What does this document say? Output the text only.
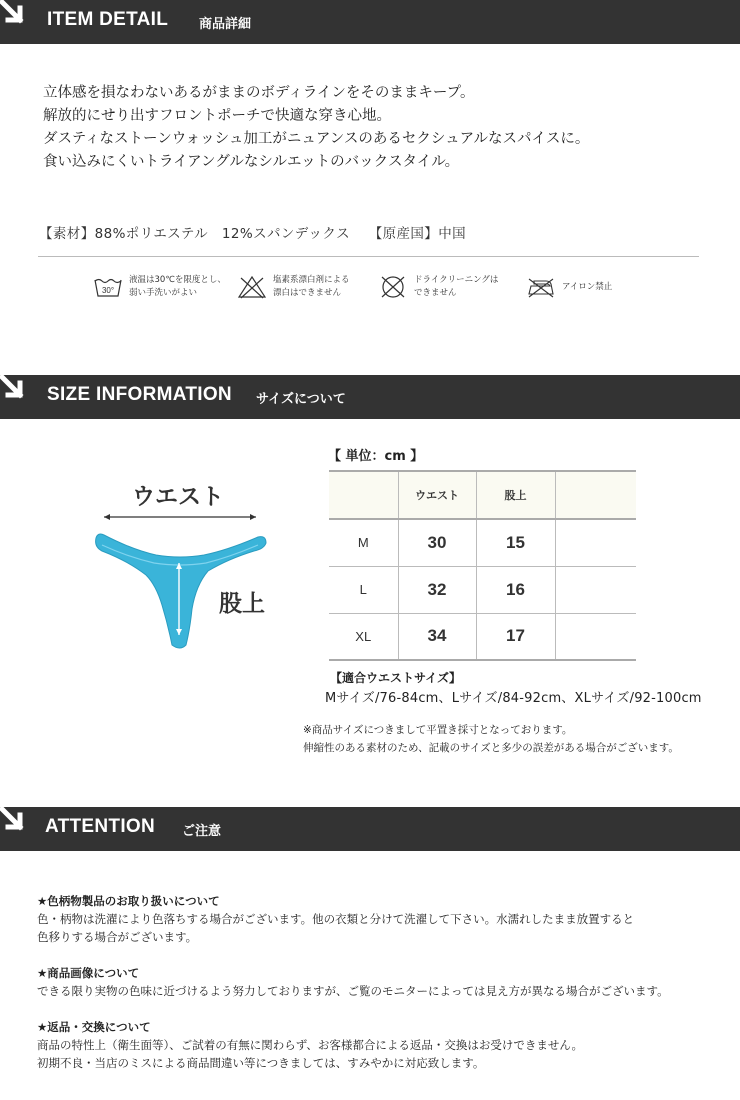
ITEM DETAIL 商品詳細
立体感を損なわないあるがままのボディラインをそのままキープ。
解放的にせり出すフロントポーチで快適な穿き心地。
ダスティなストーンウォッシュ加工がニュアンスのあるセクシュアルなスパイスに。
食い込みにくいトライアングルなシルエットのバックスタイル。
【素材】88%ポリエステル　12%スパンデックス 【原産国】中国
30°
液温は30℃を限度とし、
弱い手洗いがよい
塩素系漂白剤による
漂白はできません
ドライクリーニングは
できません
アイロン禁止
SIZE INFORMATION サイズについて
ウエスト
股上
【 単位：cm 】
	ウエスト	股上	
M	30	15	
L	32	16	
XL	34	17	
【適合ウエストサイズ】
Mサイズ/76-84cm、Lサイズ/84-92cm、XLサイズ/92-100cm
※商品サイズにつきまして平置き採寸となっております。
伸縮性のある素材のため、記載のサイズと多少の誤差がある場合がございます。
ATTENTION ご注意
★色柄物製品のお取り扱いについて
色・柄物は洗濯により色落ちする場合がございます。他の衣類と分けて洗濯して下さい。水濡れしたまま放置すると
色移りする場合がございます。
★商品画像について
できる限り実物の色味に近づけるよう努力しておりますが、ご覧のモニターによっては見え方が異なる場合がございます。
★返品・交換について
商品の特性上（衛生面等）、ご試着の有無に関わらず、お客様都合による返品・交換はお受けできません。
初期不良・当店のミスによる商品間違い等につきましては、すみやかに対応致します。
